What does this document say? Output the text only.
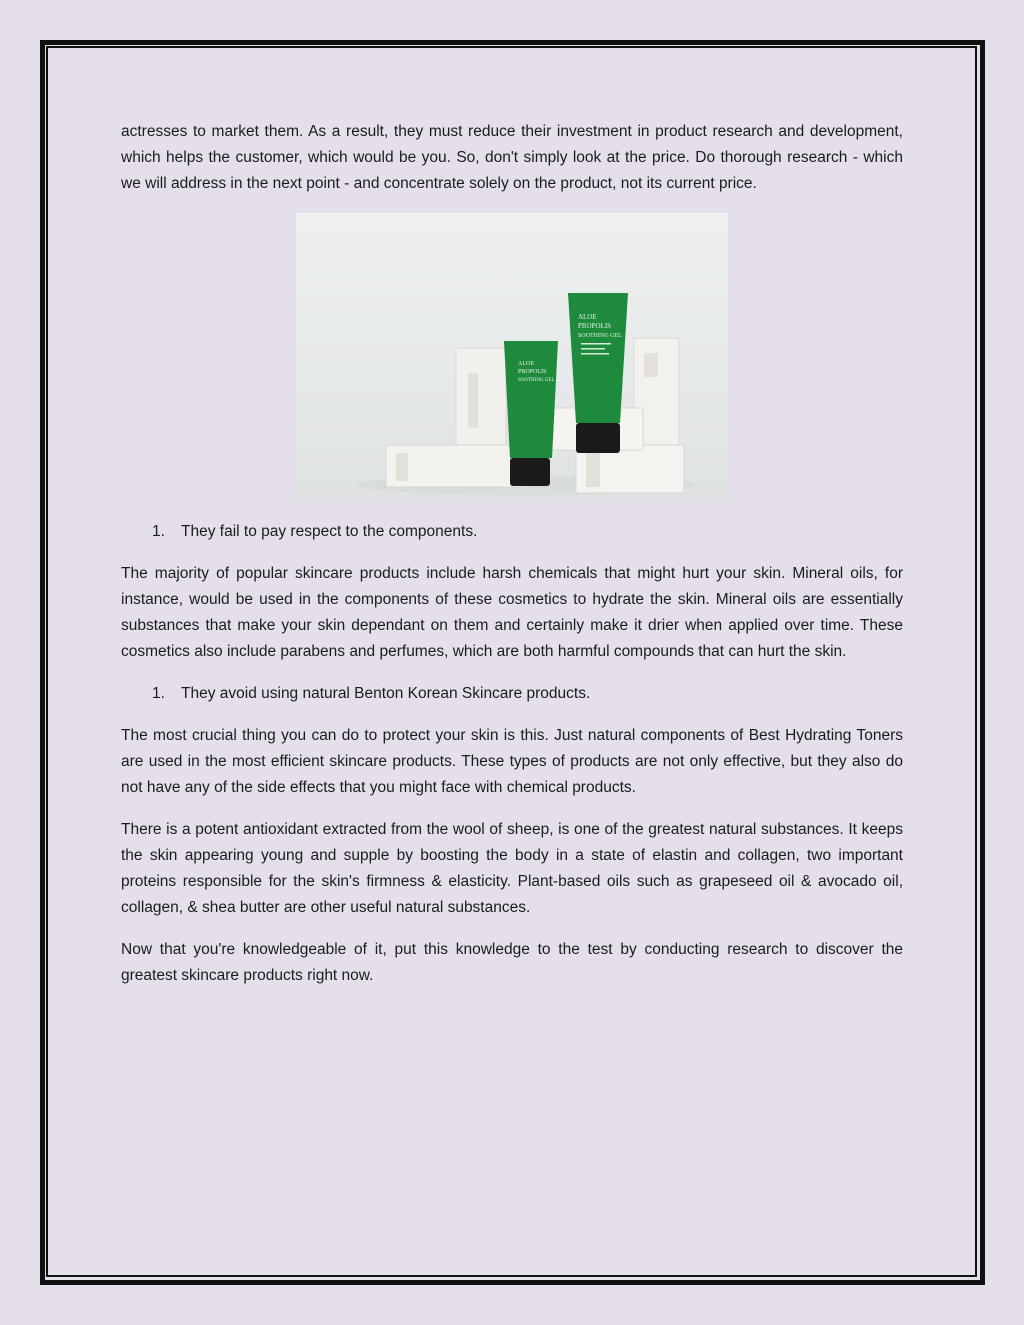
actresses to market them. As a result, they must reduce their investment in product research and development, which helps the customer, which would be you. So, don't simply look at the price. Do thorough research - which we will address in the next point - and concentrate solely on the product, not its current price.

ALOE
PROPOLIS
SOOTHING GEL
ALOE
PROPOLIS
SOOTHING GEL
1.	They fail to pay respect to the components.

The majority of popular skincare products include harsh chemicals that might hurt your skin. Mineral oils, for instance, would be used in the components of these cosmetics to hydrate the skin. Mineral oils are essentially substances that make your skin dependant on them and certainly make it drier when applied over time. These cosmetics also include parabens and perfumes, which are both harmful compounds that can hurt the skin.

1.	They avoid using natural Benton Korean Skincare products.

The most crucial thing you can do to protect your skin is this. Just natural components of Best Hydrating Toners are used in the most efficient skincare products. These types of products are not only effective, but they also do not have any of the side effects that you might face with chemical products.

There is a potent antioxidant extracted from the wool of sheep, is one of the greatest natural substances. It keeps the skin appearing young and supple by boosting the body in a state of elastin and collagen, two important proteins responsible for the skin's firmness & elasticity. Plant-based oils such as grapeseed oil & avocado oil, collagen, & shea butter are other useful natural substances.

Now that you're knowledgeable of it, put this knowledge to the test by conducting research to discover the greatest skincare products right now.
